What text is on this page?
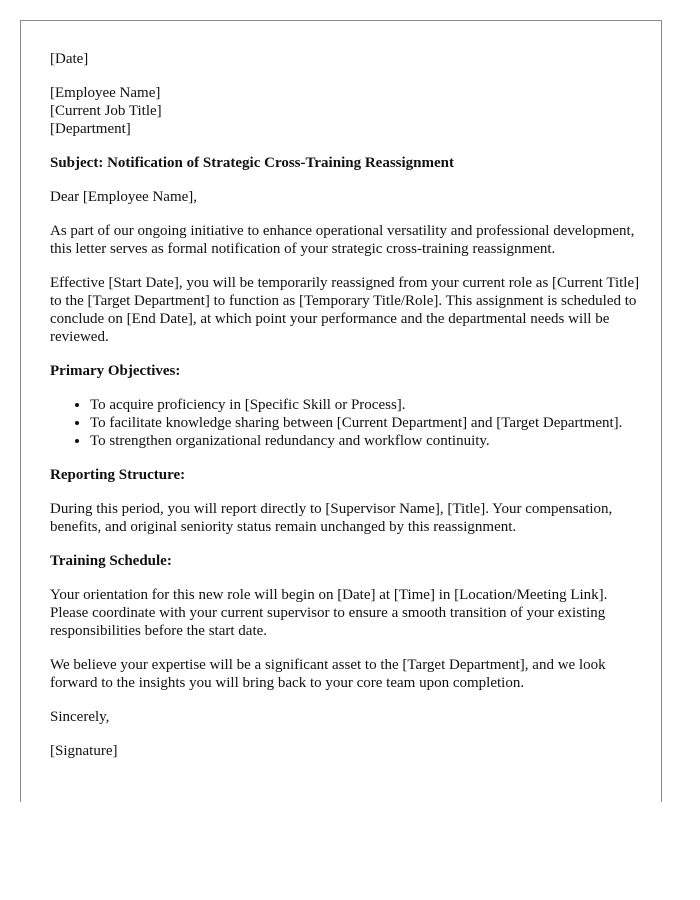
[Date]

[Employee Name]
[Current Job Title]
[Department]

Subject: Notification of Strategic Cross-Training Reassignment

Dear [Employee Name],

As part of our ongoing initiative to enhance operational versatility and professional development, this letter serves as formal notification of your strategic cross-training reassignment.

Effective [Start Date], you will be temporarily reassigned from your current role as [Current Title] to the [Target Department] to function as [Temporary Title/Role]. This assignment is scheduled to conclude on [End Date], at which point your performance and the departmental needs will be reviewed.

Primary Objectives:

• To acquire proficiency in [Specific Skill or Process].
• To facilitate knowledge sharing between [Current Department] and [Target Department].
• To strengthen organizational redundancy and workflow continuity.

Reporting Structure:

During this period, you will report directly to [Supervisor Name], [Title]. Your compensation, benefits, and original seniority status remain unchanged by this reassignment.

Training Schedule:

Your orientation for this new role will begin on [Date] at [Time] in [Location/Meeting Link]. Please coordinate with your current supervisor to ensure a smooth transition of your existing responsibilities before the start date.

We believe your expertise will be a significant asset to the [Target Department], and we look forward to the insights you will bring back to your core team upon completion.

Sincerely,

[Signature]
